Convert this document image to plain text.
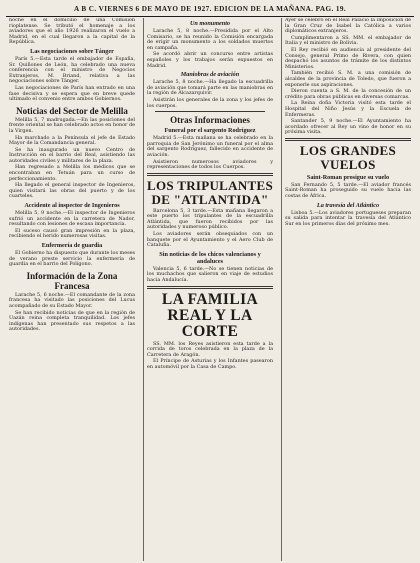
A B C. VIERNES 6 DE MAYO DE 1927. EDICION DE LA MAÑANA. PAG. 19.

noche en el domicilio de una Comisión rioplatense. Se tributó el homenaje a los aviadores que el año 1926 realizaron el vuelo a Madrid, en el cual llegaron a la capital de la República.

Las negociaciones sobre Tánger

París 5.—Esta tarde el embajador de España, Sr. Quiñones de León, ha celebrado una nueva conferencia con el ministro de Negocios Extranjeros, M. Briand, relativa a las negociaciones sobre Tánger.

Las negociaciones de París han entrado en una fase decisiva y se espera que en breve quede ultimado el convenio entre ambos Gobiernos.

Noticias del Sector de Melilla

Melilla 5, 7 madrugada.—En las posiciones del frente oriental se han celebrado actos en honor de la Virgen.

Ha marchado a la Península el jefe de Estado Mayor de la Comandancia general.

Se ha inaugurado un nuevo Centro de Instrucción en el barrio del Real, asistiendo las autoridades civiles y militares de la plaza.

Han regresado a Melilla los médicos que se encontraban en Tetuán para un curso de perfeccionamiento.

Ha llegado el general inspector de Ingenieros, quien visitará las obras del puerto y de los cuarteles.

Accidente al inspector de Ingenieros

Melilla 5, 9 noche.—El inspector de Ingenieros sufrió un accidente en la carretera de Nador, resultando con lesiones de escasa importancia.

El suceso causó gran impresión en la plaza, recibiendo el herido numerosas visitas.

Enfermería de guardia

El Gobierno ha dispuesto que durante los meses de verano preste servicio la enfermería de guardia en el barrio del Polígono.

Información de la Zona Francesa

Larache 5, 6 noche.—El comandante de la zona francesa ha visitado las posiciones del Lucus acompañado de su Estado Mayor.

Se han recibido noticias de que en la región de Uazán reina completa tranquilidad. Los jefes indígenas han presentado sus respetos a las autoridades.

Un monumento

Larache 5, 8 noche.—Presidida por el Alto Comisario, se ha reunido la Comisión encargada de erigir un monumento a los soldados muertos en campaña.

Se acordó abrir un concurso entre artistas españoles y los trabajos serán expuestos en Madrid.

Maniobras de aviación

Larache 5, 8 noche.—Ha llegado la escuadrilla de aviación que tomará parte en las maniobras en la región de Alcazarquivir.

Asistirán los generales de la zona y los jefes de los cuerpos.

Otras Informaciones
Funeral por el sargento Rodríguez

Madrid 5.—Esta mañana se ha celebrado en la parroquia de San Jerónimo un funeral por el alma del sargento Rodríguez, fallecido en accidente de aviación.

Asistieron numerosos aviadores y representaciones de todos los Cuerpos.

LOS TRIPULANTES DE "ATLANTIDA"

Barcelona 5, 3 tarde.—Esta mañana llegaron a este puerto los tripulantes de la escuadrilla Atlántida, que fueron recibidos por las autoridades y numeroso público.

Los aviadores serán obsequiados con un banquete por el Ayuntamiento y el Aero Club de Cataluña.

Sin noticias de los chicos valencianos y andaluces

Valencia 5, 6 tarde.—No se tienen noticias de los muchachos que salieron en viaje de estudios hacia Andalucía.

LA FAMILIA REAL Y LA CORTE

SS. MM. los Reyes asistieron esta tarde a la corrida de toros celebrada en la plaza de la Carretera de Aragón.

El Príncipe de Asturias y los Infantes pasearon en automóvil por la Casa de Campo.

Ayer se celebró en el Real Palacio la imposición de la Gran Cruz de Isabel la Católica a varios diplomáticos extranjeros.

Cumplimentaron a SS. MM. el embajador de Italia y el ministro de Bolivia.

El Rey recibió en audiencia al presidente del Consejo, general Primo de Rivera, con quien despachó los asuntos de trámite de los distintos Ministerios.

También recibió S. M. a una comisión de alcaldes de la provincia de Toledo, que fueron a exponerle sus aspiraciones.

Dieron cuenta a S. M. de la concesión de un crédito para obras públicas en diversas comarcas.

La Reina doña Victoria visitó esta tarde el Hospital del Niño Jesús y la Escuela de Enfermeras.

Santander 5, 9 noche.—El Ayuntamiento ha acordado ofrecer al Rey un vino de honor en su próxima visita.

LOS GRANDES VUELOS
Saint-Roman prosigue su vuelo

San Fernando 5, 5 tarde.—El aviador francés Saint-Roman ha proseguido su vuelo hacia las costas de África.

La travesía del Atlántico

Lisboa 5.—Los aviadores portugueses preparan su salida para intentar la travesía del Atlántico Sur en los primeros días del próximo mes.
